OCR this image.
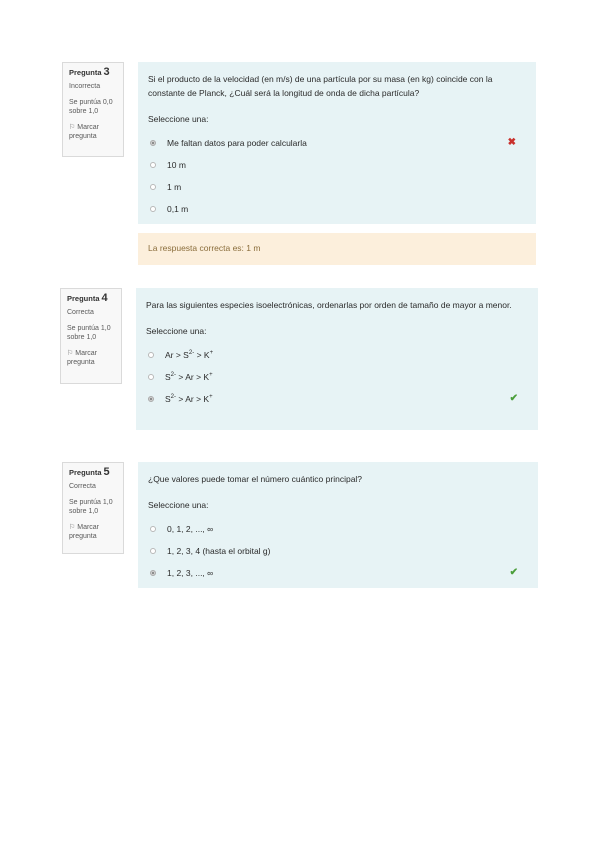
Pregunta 3
Incorrecta
Se puntúa 0,0 sobre 1,0
⚐ Marcar pregunta

Si el producto de la velocidad (en m/s) de una partícula por su masa (en kg) coincide con la constante de Planck, ¿Cuál será la longitud de onda de dicha partícula?

Seleccione una:

Me faltan datos para poder calcularla	✖
10 m
1 m
0,1 m
La respuesta correcta es: 1 m
Pregunta 4
Correcta
Se puntúa 1,0 sobre 1,0
⚐ Marcar pregunta

Para las siguientes especies isoelectrónicas, ordenarlas por orden de tamaño de mayor a menor.

Seleccione una:

$Ar > S^{2-} > K^+$
$S^{2-} > Ar > K^+$
$S^{2-} > Ar > K^+$	✔
Pregunta 5
Correcta
Se puntúa 1,0 sobre 1,0
⚐ Marcar pregunta

¿Que valores puede tomar el número cuántico principal?

Seleccione una:

0, 1, 2, ..., ∞
1, 2, 3, 4 (hasta el orbital g)
1, 2, 3, ..., ∞	✔
